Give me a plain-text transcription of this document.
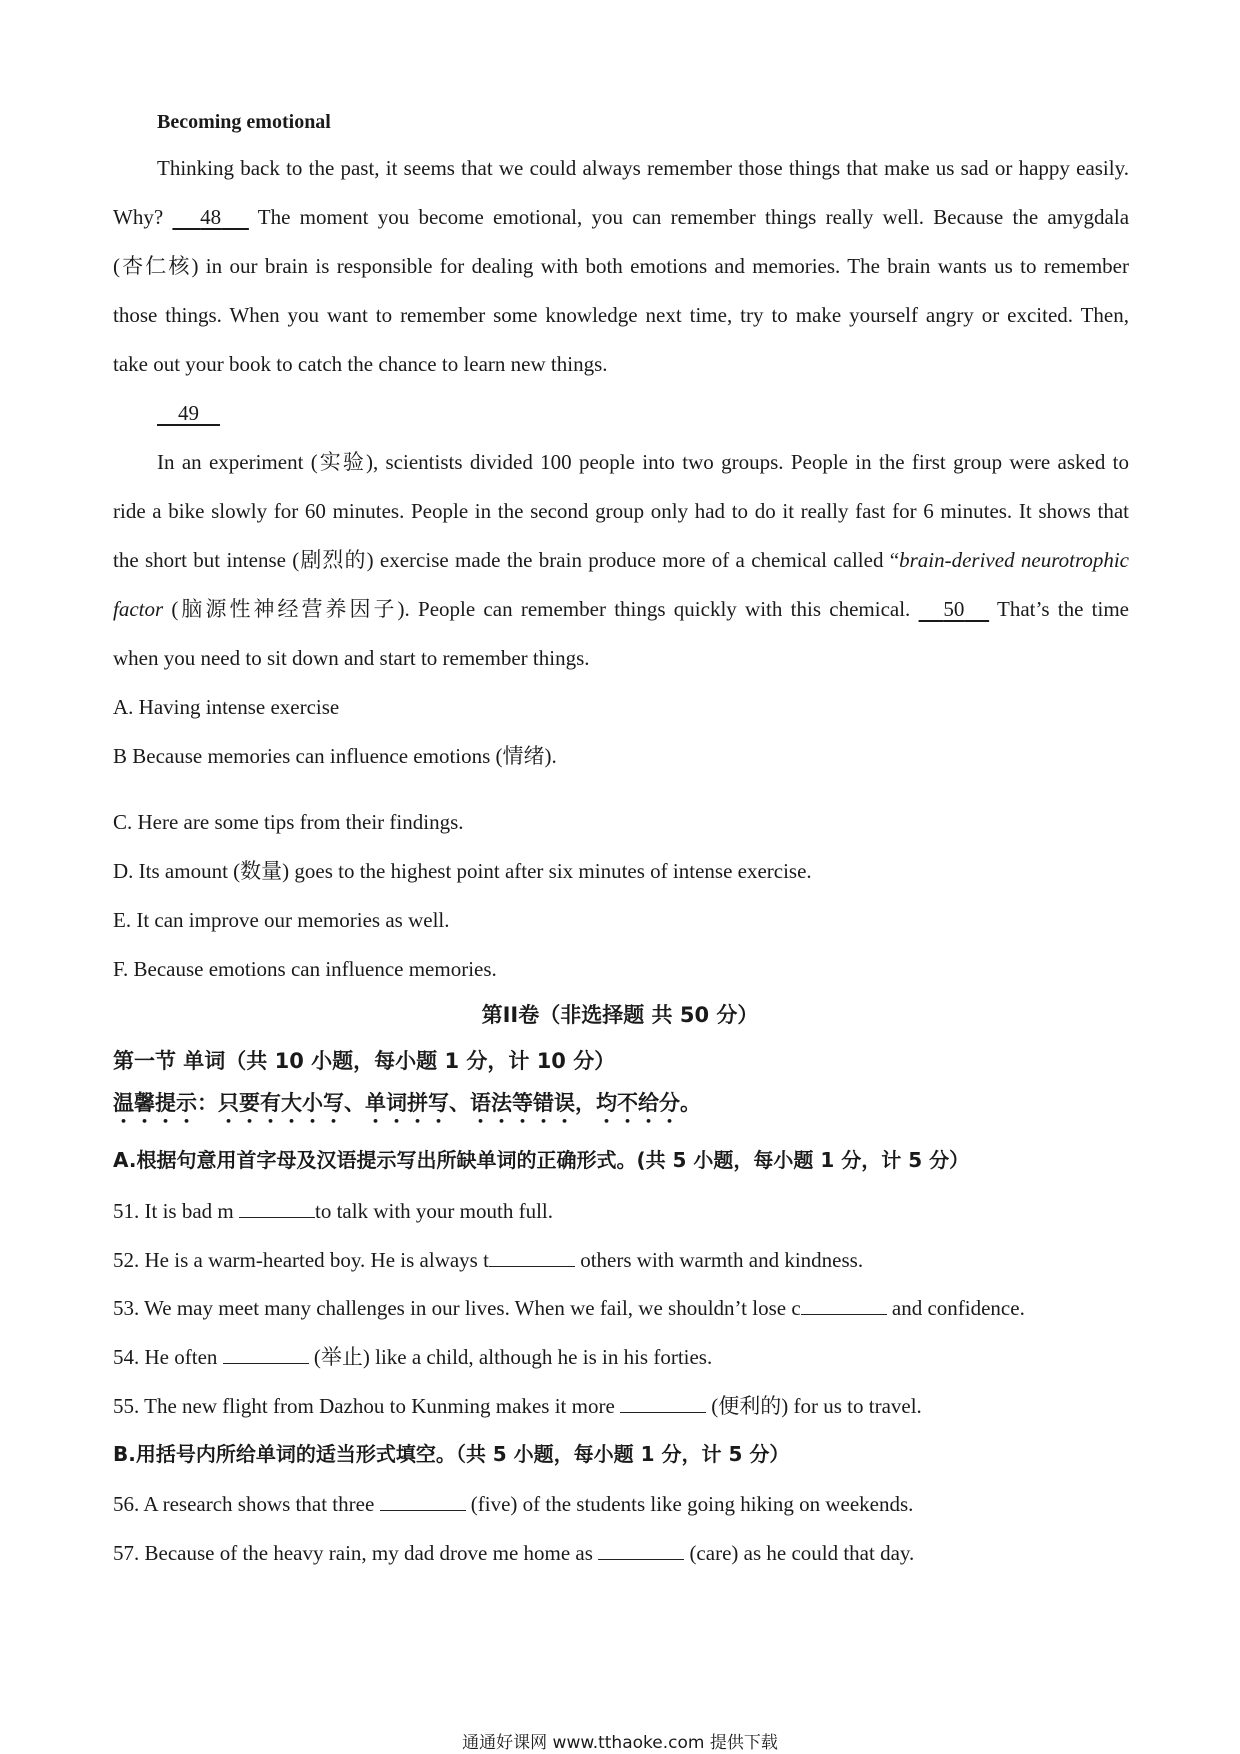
Becoming emotional
Thinking back to the past, it seems that we could always remember those things that make us sad or happy easily.
Why? 48 The moment you become emotional, you can remember things really well. Because the amygdala
(杏仁核) in our brain is responsible for dealing with both emotions and memories. The brain wants us to remember
those things. When you want to remember some knowledge next time, try to make yourself angry or excited. Then,
take out your book to catch the chance to learn new things.
49
In an experiment (实验), scientists divided 100 people into two groups. People in the first group were asked to
ride a bike slowly for 60 minutes. People in the second group only had to do it really fast for 6 minutes. It shows that
the short but intense (剧烈的) exercise made the brain produce more of a chemical called “brain-derived neurotrophic
factor (脑源性神经营养因子). People can remember things quickly with this chemical. 50 That’s the time
when you need to sit down and start to remember things.
A. Having intense exercise
B Because memories can influence emotions (情绪).
C. Here are some tips from their findings.
D. Its amount (数量) goes to the highest point after six minutes of intense exercise.
E. It can improve our memories as well.
F. Because emotions can influence memories.
第II卷（非选择题 共 50 分）
第一节 单词（共 10 小题，每小题 1 分，计 10 分）
温馨提示：只要有大小写、单词拼写、语法等错误，均不给分。
A.根据句意用首字母及汉语提示写出所缺单词的正确形式。(共 5 小题，每小题 1 分，计 5 分）
51. It is bad m	to talk with your mouth full.
52. He is a warm-hearted boy. He is always t	others with warmth and kindness.
53. We may meet many challenges in our lives. When we fail, we shouldn’t lose c	and confidence.
54. He often	(举止) like a child, although he is in his forties.
55. The new flight from Dazhou to Kunming makes it more	(便利的) for us to travel.
B.用括号内所给单词的适当形式填空。（共 5 小题，每小题 1 分，计 5 分）
56. A research shows that three	(five) of the students like going hiking on weekends.
57. Because of the heavy rain, my dad drove me home as	(care) as he could that day.
通通好课网 www.tthaoke.com 提供下载
